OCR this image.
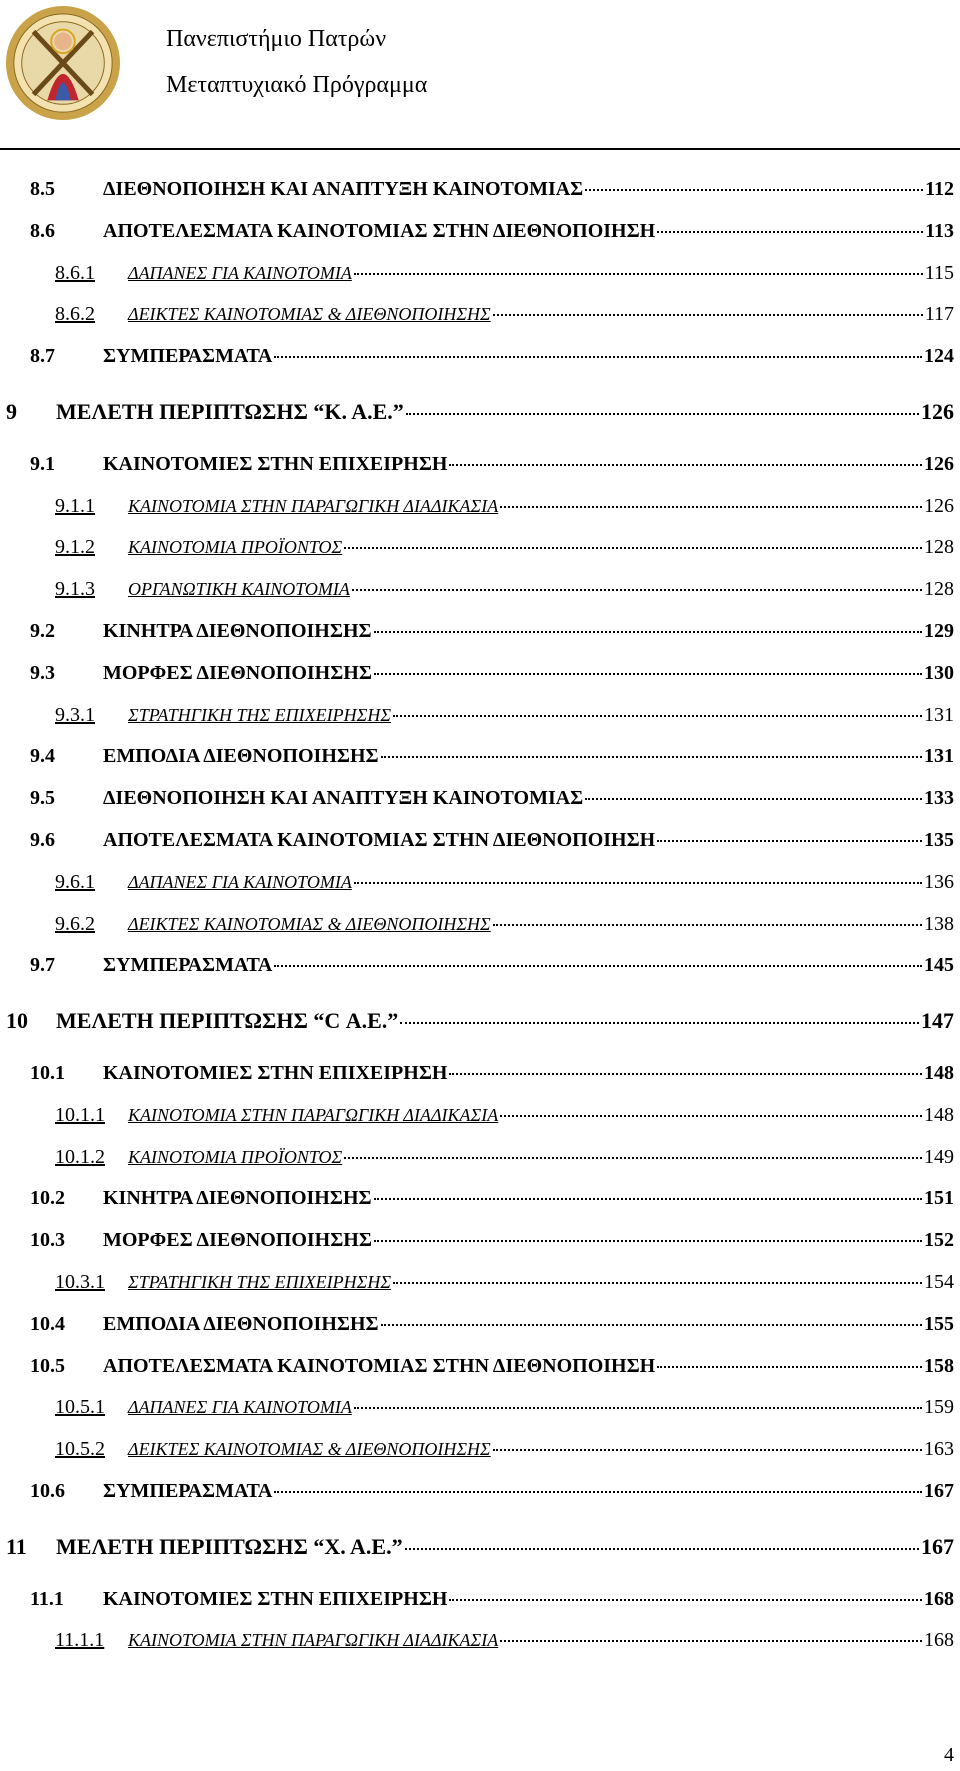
Πανεπιστήμιο Πατρών
Μεταπτυχιακό Πρόγραμμα
8.5	ΔΙΕΘΝΟΠΟΙΗΣΗ ΚΑΙ ΑΝΑΠΤΥΞΗ ΚΑΙΝΟΤΟΜΙΑΣ	112
8.6	ΑΠΟΤΕΛΕΣΜΑΤΑ ΚΑΙΝΟΤΟΜΙΑΣ ΣΤΗΝ ΔΙΕΘΝΟΠΟΙΗΣΗ	113
8.6.1	ΔΑΠΑΝΕΣ ΓΙΑ ΚΑΙΝΟΤΟΜΙΑ	115
8.6.2	ΔΕΙΚΤΕΣ ΚΑΙΝΟΤΟΜΙΑΣ & ΔΙΕΘΝΟΠΟΙΗΣΗΣ	117
8.7	ΣΥΜΠΕΡΑΣΜΑΤΑ	124
9	ΜΕΛΕΤΗ ΠΕΡΙΠΤΩΣΗΣ “Κ. Α.Ε.”	126
9.1	ΚΑΙΝΟΤΟΜΙΕΣ ΣΤΗΝ ΕΠΙΧΕΙΡΗΣΗ	126
9.1.1	ΚΑΙΝΟΤΟΜΙΑ ΣΤΗΝ ΠΑΡΑΓΩΓΙΚΗ ΔΙΑΔΙΚΑΣΙΑ	126
9.1.2	ΚΑΙΝΟΤΟΜΙΑ ΠΡΟΪΟΝΤΟΣ	128
9.1.3	ΟΡΓΑΝΩΤΙΚΗ ΚΑΙΝΟΤΟΜΙΑ	128
9.2	ΚΙΝΗΤΡΑ ΔΙΕΘΝΟΠΟΙΗΣΗΣ	129
9.3	ΜΟΡΦΕΣ ΔΙΕΘΝΟΠΟΙΗΣΗΣ	130
9.3.1	ΣΤΡΑΤΗΓΙΚΗ ΤΗΣ ΕΠΙΧΕΙΡΗΣΗΣ	131
9.4	ΕΜΠΟΔΙΑ ΔΙΕΘΝΟΠΟΙΗΣΗΣ	131
9.5	ΔΙΕΘΝΟΠΟΙΗΣΗ ΚΑΙ ΑΝΑΠΤΥΞΗ ΚΑΙΝΟΤΟΜΙΑΣ	133
9.6	ΑΠΟΤΕΛΕΣΜΑΤΑ ΚΑΙΝΟΤΟΜΙΑΣ ΣΤΗΝ ΔΙΕΘΝΟΠΟΙΗΣΗ	135
9.6.1	ΔΑΠΑΝΕΣ ΓΙΑ ΚΑΙΝΟΤΟΜΙΑ	136
9.6.2	ΔΕΙΚΤΕΣ ΚΑΙΝΟΤΟΜΙΑΣ & ΔΙΕΘΝΟΠΟΙΗΣΗΣ	138
9.7	ΣΥΜΠΕΡΑΣΜΑΤΑ	145
10	ΜΕΛΕΤΗ ΠΕΡΙΠΤΩΣΗΣ “C Α.Ε.”	147
10.1	ΚΑΙΝΟΤΟΜΙΕΣ ΣΤΗΝ ΕΠΙΧΕΙΡΗΣΗ	148
10.1.1	ΚΑΙΝΟΤΟΜΙΑ ΣΤΗΝ ΠΑΡΑΓΩΓΙΚΗ ΔΙΑΔΙΚΑΣΙΑ	148
10.1.2	ΚΑΙΝΟΤΟΜΙΑ ΠΡΟΪΟΝΤΟΣ	149
10.2	ΚΙΝΗΤΡΑ ΔΙΕΘΝΟΠΟΙΗΣΗΣ	151
10.3	ΜΟΡΦΕΣ ΔΙΕΘΝΟΠΟΙΗΣΗΣ	152
10.3.1	ΣΤΡΑΤΗΓΙΚΗ ΤΗΣ ΕΠΙΧΕΙΡΗΣΗΣ	154
10.4	ΕΜΠΟΔΙΑ ΔΙΕΘΝΟΠΟΙΗΣΗΣ	155
10.5	ΑΠΟΤΕΛΕΣΜΑΤΑ ΚΑΙΝΟΤΟΜΙΑΣ ΣΤΗΝ ΔΙΕΘΝΟΠΟΙΗΣΗ	158
10.5.1	ΔΑΠΑΝΕΣ ΓΙΑ ΚΑΙΝΟΤΟΜΙΑ	159
10.5.2	ΔΕΙΚΤΕΣ ΚΑΙΝΟΤΟΜΙΑΣ & ΔΙΕΘΝΟΠΟΙΗΣΗΣ	163
10.6	ΣΥΜΠΕΡΑΣΜΑΤΑ	167
11	ΜΕΛΕΤΗ ΠΕΡΙΠΤΩΣΗΣ “Χ. Α.Ε.”	167
11.1	ΚΑΙΝΟΤΟΜΙΕΣ ΣΤΗΝ ΕΠΙΧΕΙΡΗΣΗ	168
11.1.1	ΚΑΙΝΟΤΟΜΙΑ ΣΤΗΝ ΠΑΡΑΓΩΓΙΚΗ ΔΙΑΔΙΚΑΣΙΑ	168
4
